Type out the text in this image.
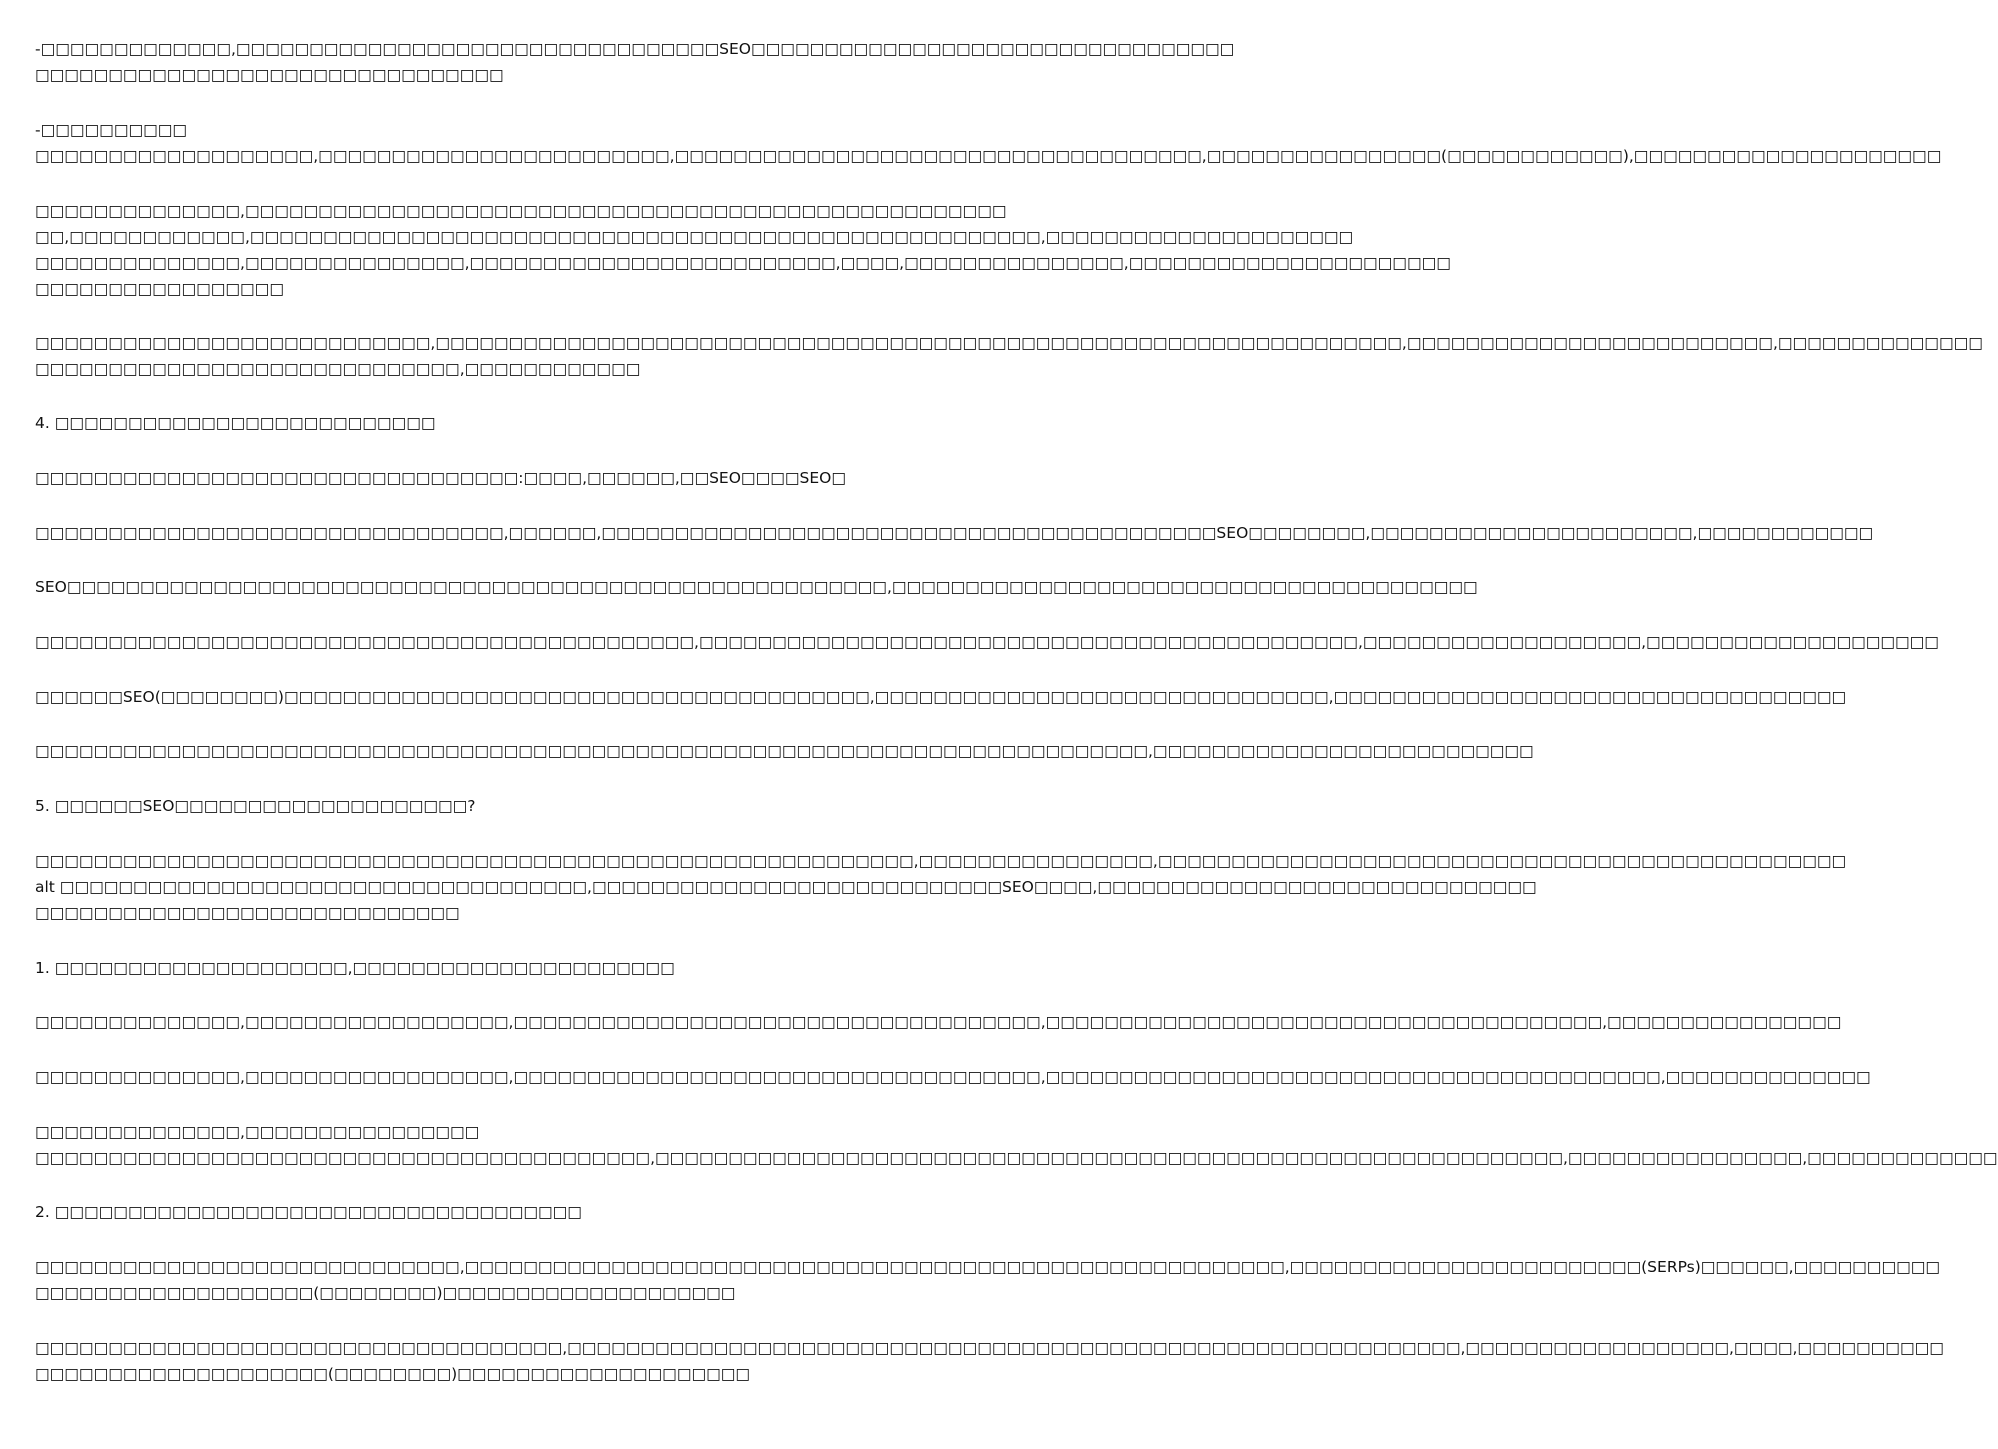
-□□□□□□□□□□□□□,□□□□□□□□□□□□□□□□□□□□□□□□□□□□□□□□□SEO□□□□□□□□□□□□□□□□□□□□□□□□□□□□□□□□□
□□□□□□□□□□□□□□□□□□□□□□□□□□□□□□□□
-□□□□□□□□□□
□□□□□□□□□□□□□□□□□□□,□□□□□□□□□□□□□□□□□□□□□□□□,□□□□□□□□□□□□□□□□□□□□□□□□□□□□□□□□□□□□,□□□□□□□□□□□□□□□□(□□□□□□□□□□□□),□□□□□□□□□□□□□□□□□□□□□
□□□□□□□□□□□□□□,□□□□□□□□□□□□□□□□□□□□□□□□□□□□□□□□□□□□□□□□□□□□□□□□□□□□
□□,□□□□□□□□□□□□,□□□□□□□□□□□□□□□□□□□□□□□□□□□□□□□□□□□□□□□□□□□□□□□□□□□□□□,□□□□□□□□□□□□□□□□□□□□□
□□□□□□□□□□□□□□,□□□□□□□□□□□□□□□,□□□□□□□□□□□□□□□□□□□□□□□□□,□□□□,□□□□□□□□□□□□□□□,□□□□□□□□□□□□□□□□□□□□□□
□□□□□□□□□□□□□□□□□
□□□□□□□□□□□□□□□□□□□□□□□□□□□,□□□□□□□□□□□□□□□□□□□□□□□□□□□□□□□□□□□□□□□□□□□□□□□□□□□□□□□□□□□□□□□□□□,□□□□□□□□□□□□□□□□□□□□□□□□□,□□□□□□□□□□□□□□
□□□□□□□□□□□□□□□□□□□□□□□□□□□□□,□□□□□□□□□□□□
4. □□□□□□□□□□□□□□□□□□□□□□□□□□
□□□□□□□□□□□□□□□□□□□□□□□□□□□□□□□□□:□□□□,□□□□□□,□□SEO□□□□SEO□
□□□□□□□□□□□□□□□□□□□□□□□□□□□□□□□□,□□□□□□,□□□□□□□□□□□□□□□□□□□□□□□□□□□□□□□□□□□□□□□□□□SEO□□□□□□□□,□□□□□□□□□□□□□□□□□□□□□□,□□□□□□□□□□□□
SEO□□□□□□□□□□□□□□□□□□□□□□□□□□□□□□□□□□□□□□□□□□□□□□□□□□□□□□□□,□□□□□□□□□□□□□□□□□□□□□□□□□□□□□□□□□□□□□□□□
□□□□□□□□□□□□□□□□□□□□□□□□□□□□□□□□□□□□□□□□□□□□□,□□□□□□□□□□□□□□□□□□□□□□□□□□□□□□□□□□□□□□□□□□□□□,□□□□□□□□□□□□□□□□□□□,□□□□□□□□□□□□□□□□□□□□
□□□□□□SEO(□□□□□□□□)□□□□□□□□□□□□□□□□□□□□□□□□□□□□□□□□□□□□□□□□,□□□□□□□□□□□□□□□□□□□□□□□□□□□□□□□,□□□□□□□□□□□□□□□□□□□□□□□□□□□□□□□□□□□
□□□□□□□□□□□□□□□□□□□□□□□□□□□□□□□□□□□□□□□□□□□□□□□□□□□□□□□□□□□□□□□□□□□□□□□□□□□□,□□□□□□□□□□□□□□□□□□□□□□□□□□
5. □□□□□□SEO□□□□□□□□□□□□□□□□□□□□?
□□□□□□□□□□□□□□□□□□□□□□□□□□□□□□□□□□□□□□□□□□□□□□□□□□□□□□□□□□□□,□□□□□□□□□□□□□□□□,□□□□□□□□□□□□□□□□□□□□□□□□□□□□□□□□□□□□□□□□□□□□□□□
alt □□□□□□□□□□□□□□□□□□□□□□□□□□□□□□□□□□□□,□□□□□□□□□□□□□□□□□□□□□□□□□□□□SEO□□□□,□□□□□□□□□□□□□□□□□□□□□□□□□□□□□□
□□□□□□□□□□□□□□□□□□□□□□□□□□□□□
1. □□□□□□□□□□□□□□□□□□□□,□□□□□□□□□□□□□□□□□□□□□□
□□□□□□□□□□□□□□,□□□□□□□□□□□□□□□□□□,□□□□□□□□□□□□□□□□□□□□□□□□□□□□□□□□□□□□,□□□□□□□□□□□□□□□□□□□□□□□□□□□□□□□□□□□□□□,□□□□□□□□□□□□□□□□
□□□□□□□□□□□□□□,□□□□□□□□□□□□□□□□□□,□□□□□□□□□□□□□□□□□□□□□□□□□□□□□□□□□□□□,□□□□□□□□□□□□□□□□□□□□□□□□□□□□□□□□□□□□□□□□□□,□□□□□□□□□□□□□□
□□□□□□□□□□□□□□,□□□□□□□□□□□□□□□□
□□□□□□□□□□□□□□□□□□□□□□□□□□□□□□□□□□□□□□□□□□,□□□□□□□□□□□□□□□□□□□□□□□□□□□□□□□□□□□□□□□□□□□□□□□□□□□□□□□□□□□□□□,□□□□□□□□□□□□□□□□,□□□□□□□□□□□□□
2. □□□□□□□□□□□□□□□□□□□□□□□□□□□□□□□□□□□□
□□□□□□□□□□□□□□□□□□□□□□□□□□□□□,□□□□□□□□□□□□□□□□□□□□□□□□□□□□□□□□□□□□□□□□□□□□□□□□□□□□□□□□,□□□□□□□□□□□□□□□□□□□□□□□□(SERPs)□□□□□□,□□□□□□□□□□
□□□□□□□□□□□□□□□□□□□(□□□□□□□□)□□□□□□□□□□□□□□□□□□□□
□□□□□□□□□□□□□□□□□□□□□□□□□□□□□□□□□□□□,□□□□□□□□□□□□□□□□□□□□□□□□□□□□□□□□□□□□□□□□□□□□□□□□□□□□□□□□□□□□□,□□□□□□□□□□□□□□□□□□,□□□□,□□□□□□□□□□
□□□□□□□□□□□□□□□□□□□□(□□□□□□□□)□□□□□□□□□□□□□□□□□□□□
